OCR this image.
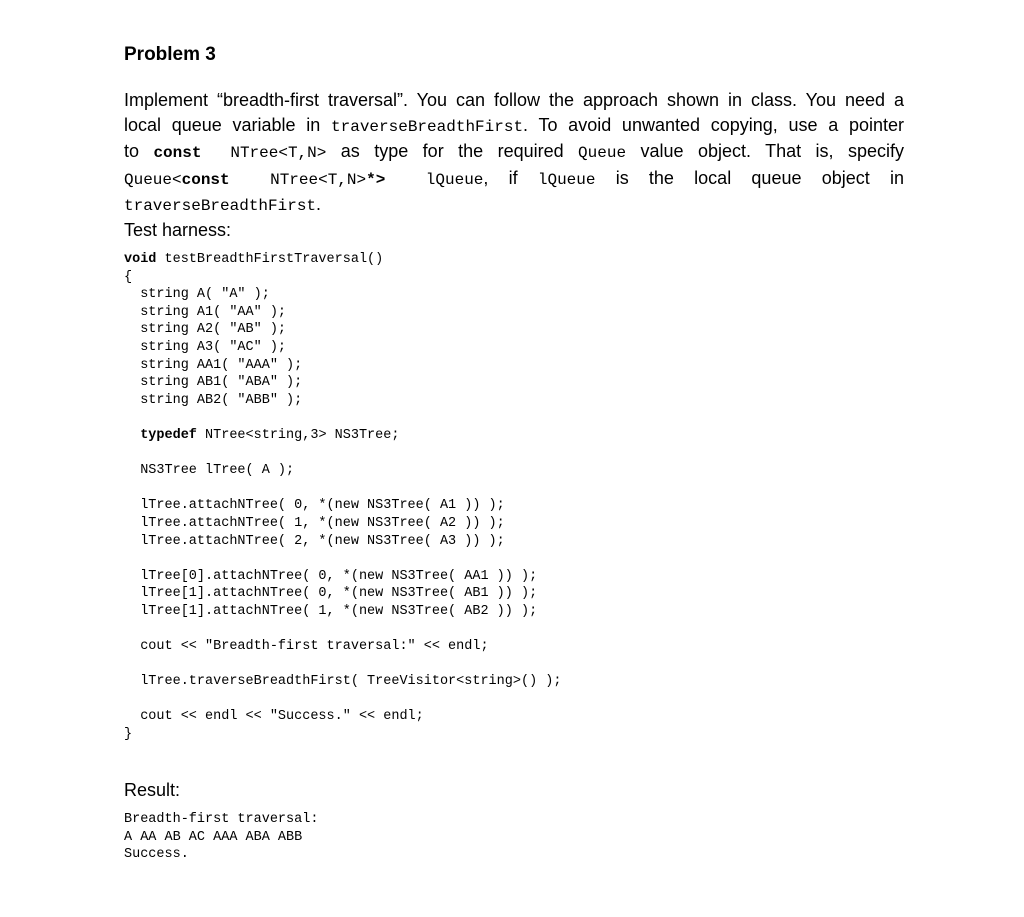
Problem 3
Implement “breadth-first traversal”. You can follow the approach shown in class. You need a
local queue variable in traverseBreadthFirst. To avoid unwanted copying, use a pointer
to const NTree<T,N> as type for the required Queue value object. That is, specify
Queue<const	NTree<T,N>*>	lQueue, if lQueue is the local queue object in
traverseBreadthFirst.
Test harness:
void testBreadthFirstTraversal()
{
string A( "A" );
string A1( "AA" );
string A2( "AB" );
string A3( "AC" );
string AA1( "AAA" );
string AB1( "ABA" );
string AB2( "ABB" );
typedef NTree<string,3> NS3Tree;
NS3Tree lTree( A );
lTree.attachNTree( 0, *(new NS3Tree( A1 )) );
lTree.attachNTree( 1, *(new NS3Tree( A2 )) );
lTree.attachNTree( 2, *(new NS3Tree( A3 )) );
lTree[0].attachNTree( 0, *(new NS3Tree( AA1 )) );
lTree[1].attachNTree( 0, *(new NS3Tree( AB1 )) );
lTree[1].attachNTree( 1, *(new NS3Tree( AB2 )) );
cout << "Breadth-first traversal:" << endl;
lTree.traverseBreadthFirst( TreeVisitor<string>() );
cout << endl << "Success." << endl;
}
Result:
Breadth-first traversal:
A AA AB AC AAA ABA ABB
Success.
